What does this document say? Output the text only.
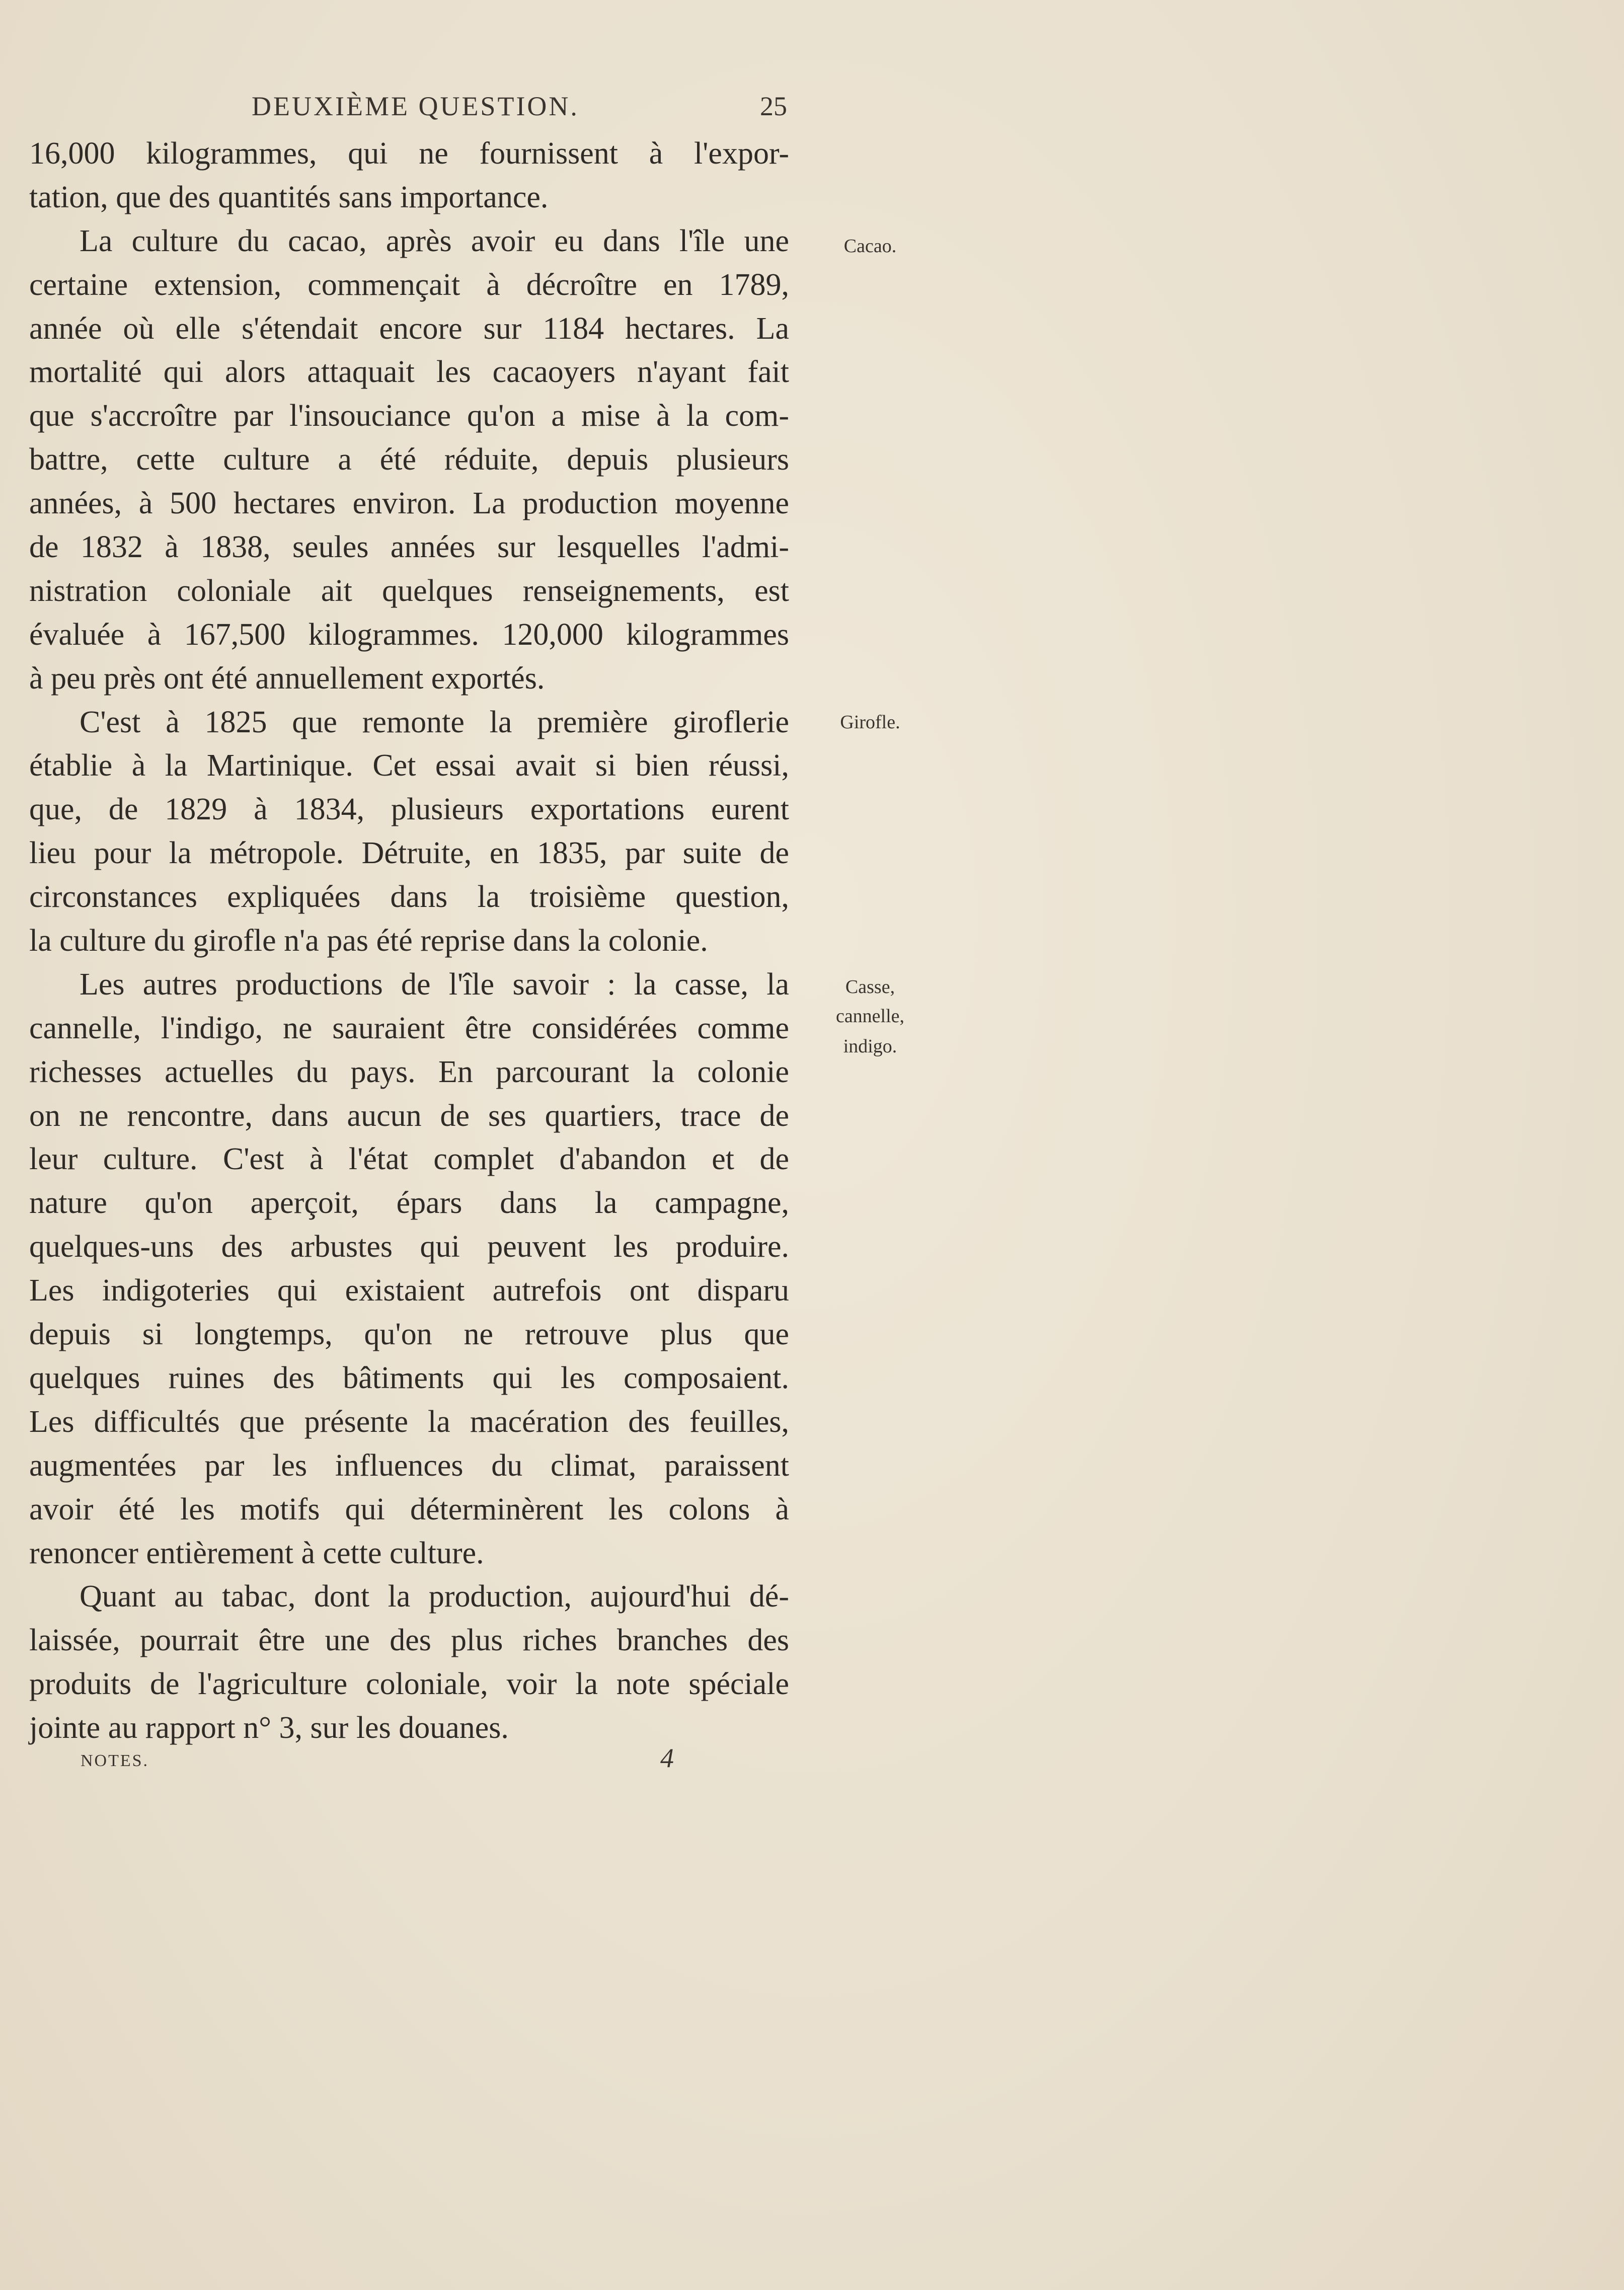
DEUXIÈME QUESTION.	25
16,000 kilogrammes, qui ne fournissent à l'expor-
tation, que des quantités sans importance.
La culture du cacao, après avoir eu dans l'île une
certaine extension, commençait à décroître en 1789,
année où elle s'étendait encore sur 1184 hectares. La
mortalité qui alors attaquait les cacaoyers n'ayant fait
que s'accroître par l'insouciance qu'on a mise à la com-
battre, cette culture a été réduite, depuis plusieurs
années, à 500 hectares environ. La production moyenne
de 1832 à 1838, seules années sur lesquelles l'admi-
nistration coloniale ait quelques renseignements, est
évaluée à 167,500 kilogrammes. 120,000 kilogrammes
à peu près ont été annuellement exportés.
C'est à 1825 que remonte la première giroflerie
établie à la Martinique. Cet essai avait si bien réussi,
que, de 1829 à 1834, plusieurs exportations eurent
lieu pour la métropole. Détruite, en 1835, par suite de
circonstances expliquées dans la troisième question,
la culture du girofle n'a pas été reprise dans la colonie.
Les autres productions de l'île savoir : la casse, la
cannelle, l'indigo, ne sauraient être considérées comme
richesses actuelles du pays. En parcourant la colonie
on ne rencontre, dans aucun de ses quartiers, trace de
leur culture. C'est à l'état complet d'abandon et de
nature qu'on aperçoit, épars dans la campagne,
quelques-uns des arbustes qui peuvent les produire.
Les indigoteries qui existaient autrefois ont disparu
depuis si longtemps, qu'on ne retrouve plus que
quelques ruines des bâtiments qui les composaient.
Les difficultés que présente la macération des feuilles,
augmentées par les influences du climat, paraissent
avoir été les motifs qui déterminèrent les colons à
renoncer entièrement à cette culture.
Quant au tabac, dont la production, aujourd'hui dé-
laissée, pourrait être une des plus riches branches des
produits de l'agriculture coloniale, voir la note spéciale
jointe au rapport n° 3, sur les douanes.
Cacao.
Girofle.
Casse,
cannelle,
indigo.
NOTES.	4
